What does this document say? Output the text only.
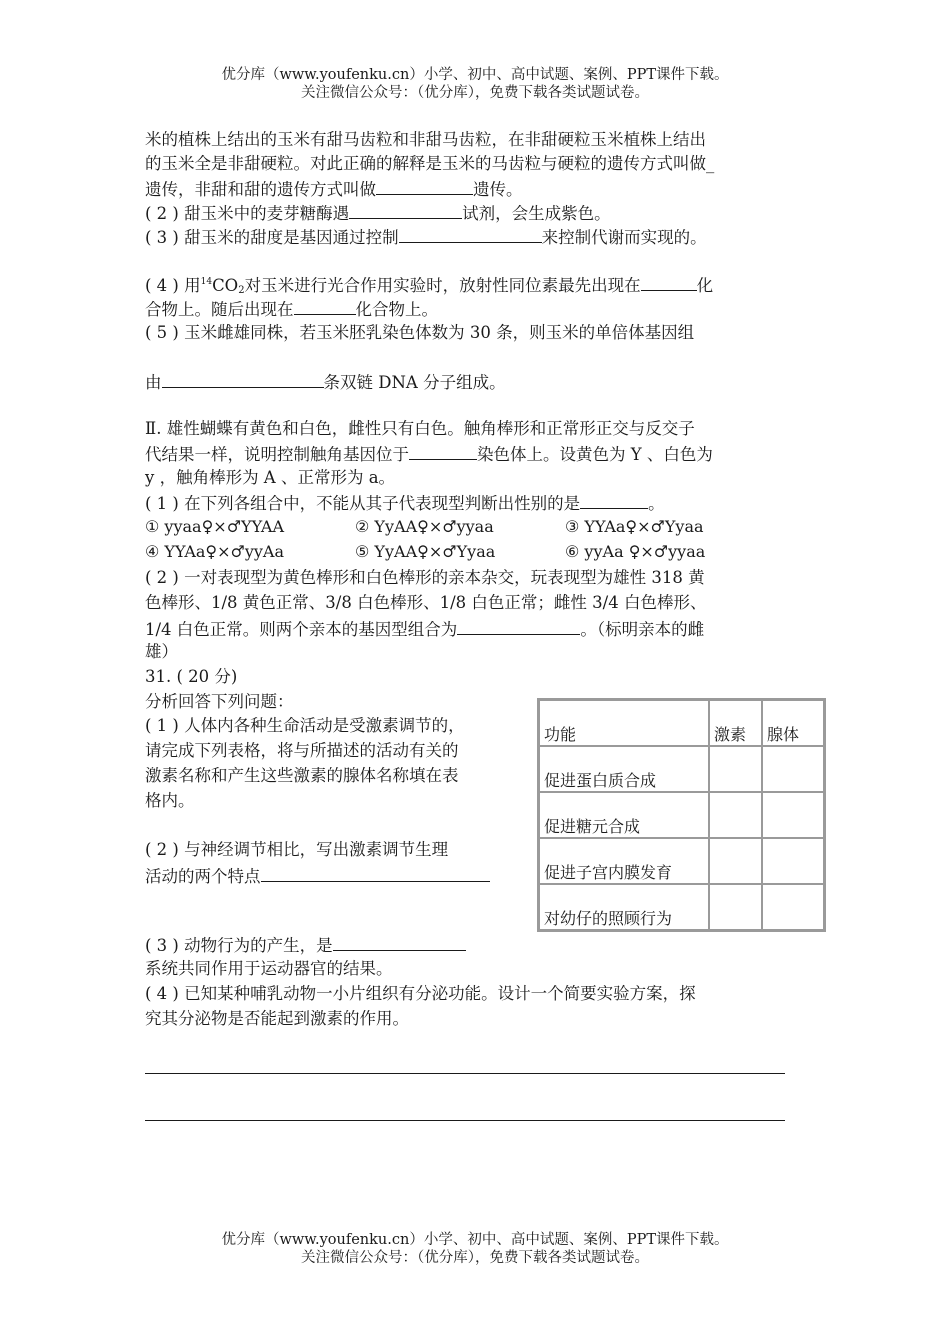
优分库（www.youfenku.cn）小学、初中、高中试题、案例、PPT课件下载。

关注微信公众号：（优分库），免费下载各类试题试卷。

米的植株上结出的玉米有甜马齿粒和非甜马齿粒，在非甜硬粒玉米植株上结出
的玉米全是非甜硬粒。对此正确的解释是玉米的马齿粒与硬粒的遗传方式叫做_
遗传，非甜和甜的遗传方式叫做	遗传。
( 2 ) 甜玉米中的麦芽糖酶遇	试剂，会生成紫色。
( 3 ) 甜玉米的甜度是基因通过控制	来控制代谢而实现的。
( 4 ) 用$^{14}CO_2$对玉米进行光合作用实验时，放射性同位素最先出现在	化
合物上。随后出现在	化合物上。
( 5 ) 玉米雌雄同株，若玉米胚乳染色体数为 30 条，则玉米的单倍体基因组
由	条双链 DNA 分子组成。
Ⅱ. 雄性蝴蝶有黄色和白色，雌性只有白色。触角棒形和正常形正交与反交子
代结果一样，说明控制触角基因位于	染色体上。设黄色为 Y 、白色为
y ，触角棒形为 A 、正常形为 a。
( 1 ) 在下列各组合中，不能从其子代表现型判断出性别的是	。
① yyaa♀×♂YYAA	② YyAA♀×♂yyaa	③ YYAa♀×♂Yyaa
④ YYAa♀×♂yyAa	⑤ YyAA♀×♂Yyaa	⑥ yyAa ♀×♂yyaa
( 2 ) 一对表现型为黄色棒形和白色棒形的亲本杂交，玩表现型为雄性 318 黄
色棒形、1/8 黄色正常、3/8 白色棒形、1/8 白色正常；雌性 3/4 白色棒形、
1/4 白色正常。则两个亲本的基因型组合为	。（标明亲本的雌
雄）
31. ( 20 分)
分析回答下列问题：
( 1 ) 人体内各种生命活动是受激素调节的，
请完成下列表格，将与所描述的活动有关的
激素名称和产生这些激素的腺体名称填在表
格内。
( 2 ) 与神经调节相比，写出激素调节生理
活动的两个特点
( 3 ) 动物行为的产生，是
系统共同作用于运动器官的结果。
( 4 ) 已知某种哺乳动物一小片组织有分泌功能。设计一个简要实验方案，探
究其分泌物是否能起到激素的作用。
功能	激素	腺体
促进蛋白质合成		
促进糖元合成		
促进子宫内膜发育		
对幼仔的照顾行为		

优分库（www.youfenku.cn）小学、初中、高中试题、案例、PPT课件下载。

关注微信公众号：（优分库），免费下载各类试题试卷。
